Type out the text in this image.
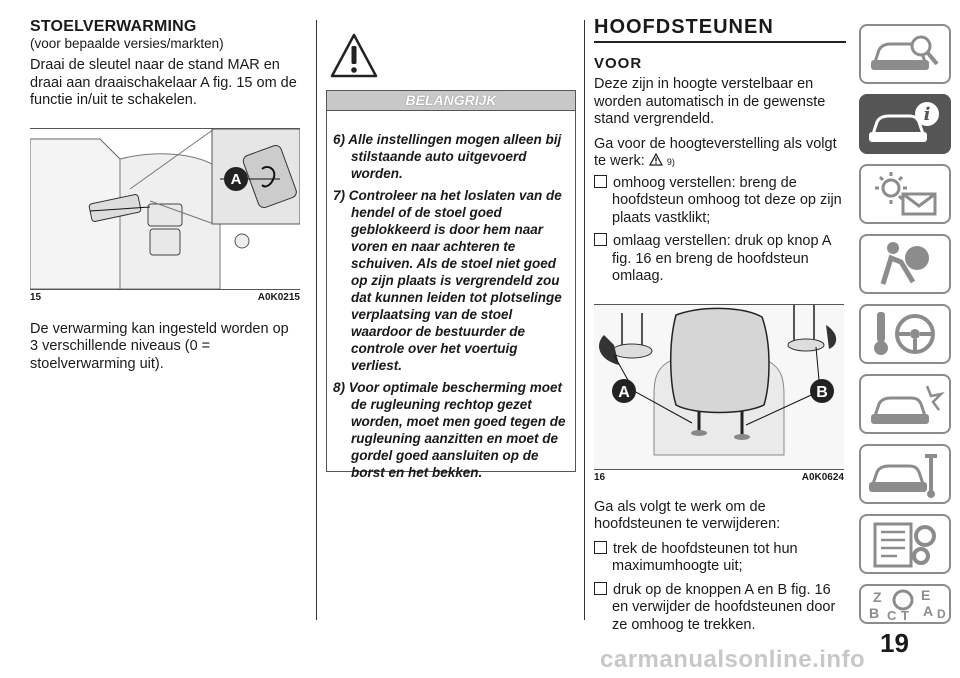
STOELVERWARMING
(voor bepaalde versies/markten)

Draai de sleutel naar de stand MAR en draai aan draaischakelaar A fig. 15 om de functie in/uit te schakelen.

A
15	A0K0215

De verwarming kan ingesteld worden op 3 verschillende niveaus (0 = stoelverwarming uit).

BELANGRIJK
6) Alle instellingen mogen alleen bij stilstaande auto uitgevoerd worden.
7) Controleer na het loslaten van de hendel of de stoel goed geblokkeerd is door hem naar voren en naar achteren te schuiven. Als de stoel niet goed op zijn plaats is vergrendeld zou dat kunnen leiden tot plotselinge verplaatsing van de stoel waardoor de bestuurder de controle over het voertuig verliest.
8) Voor optimale bescherming moet de rugleuning rechtop gezet worden, moet men goed tegen de rugleuning aanzitten en moet de gordel goed aansluiten op de borst en het bekken.
HOOFDSTEUNEN
VOOR

Deze zijn in hoogte verstelbaar en worden automatisch in de gewenste stand vergrendeld.

Ga voor de hoogteverstelling als volgt te werk: 9)

omhoog verstellen: breng de hoofdsteun omhoog tot deze op zijn plaats vastklikt;
omlaag verstellen: druk op knop A fig. 16 en breng de hoofdsteun omlaag.
A	B
16	A0K0624

Ga als volgt te werk om de hoofdsteunen te verwijderen:

trek de hoofdsteunen tot hun maximumhoogte uit;
druk op de knoppen A en B fig. 16 en verwijder de hoofdsteunen door ze omhoog te trekken.
i
Z	E
B	A
C T D
19
carmanualsonline.info
